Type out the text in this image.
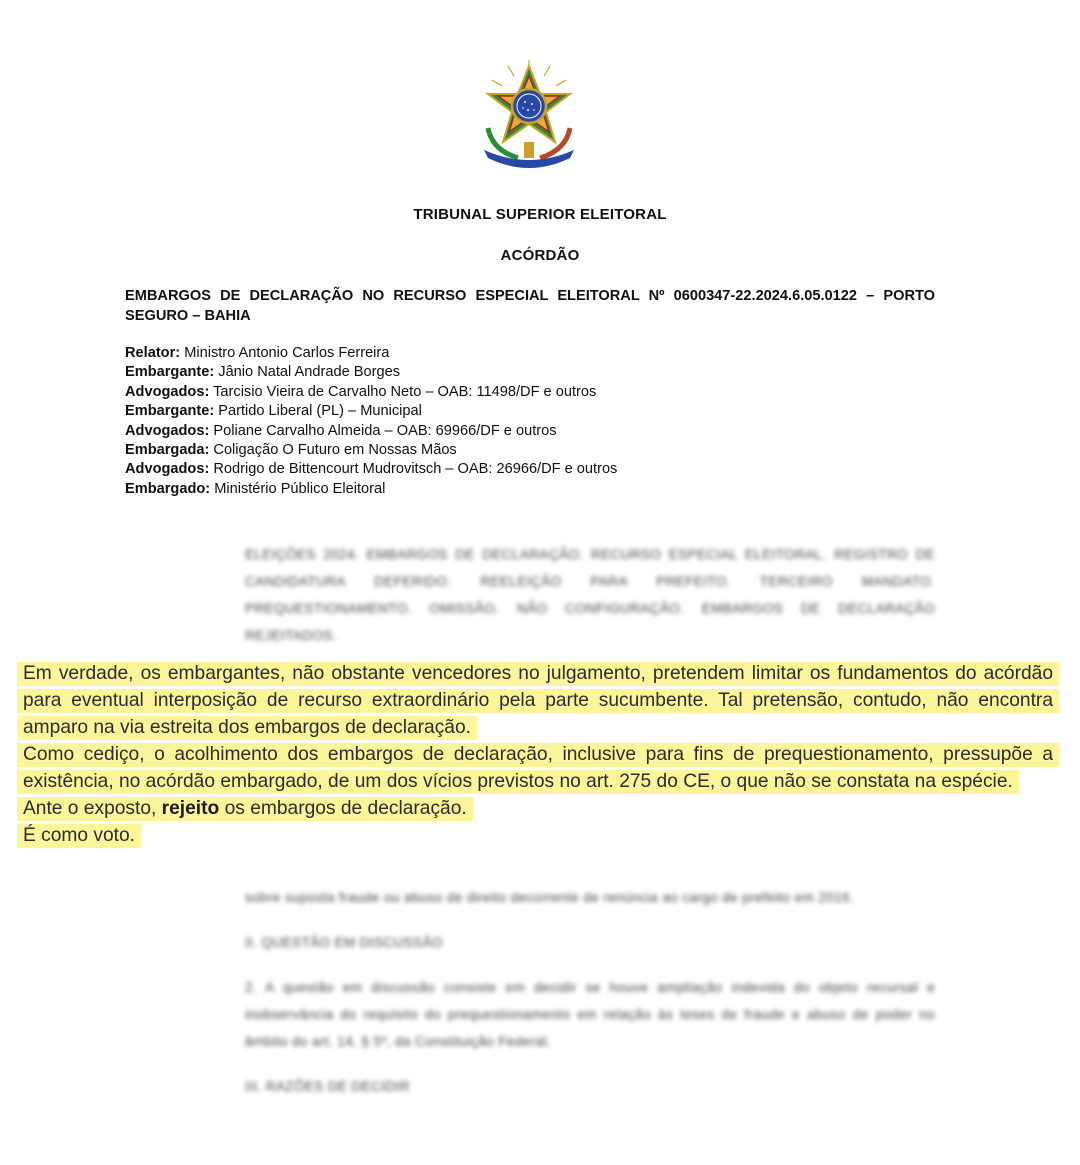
TRIBUNAL SUPERIOR ELEITORAL
ACÓRDÃO
EMBARGOS DE DECLARAÇÃO NO RECURSO ESPECIAL ELEITORAL Nº 0600347-22.2024.6.05.0122 – PORTO SEGURO – BAHIA
Relator: Ministro Antonio Carlos Ferreira
Embargante: Jânio Natal Andrade Borges
Advogados: Tarcisio Vieira de Carvalho Neto – OAB: 11498/DF e outros
Embargante: Partido Liberal (PL) – Municipal
Advogados: Poliane Carvalho Almeida – OAB: 69966/DF e outros
Embargada: Coligação O Futuro em Nossas Mãos
Advogados: Rodrigo de Bittencourt Mudrovitsch – OAB: 26966/DF e outros
Embargado: Ministério Público Eleitoral

ELEIÇÕES 2024. EMBARGOS DE DECLARAÇÃO. RECURSO ESPECIAL ELEITORAL. REGISTRO DE CANDIDATURA DEFERIDO. REELEIÇÃO PARA PREFEITO. TERCEIRO MANDATO. PREQUESTIONAMENTO. OMISSÃO. NÃO CONFIGURAÇÃO. EMBARGOS DE DECLARAÇÃO REJEITADOS.

Em verdade, os embargantes, não obstante vencedores no julgamento, pretendem limitar os fundamentos do acórdão para eventual interposição de recurso extraordinário pela parte sucumbente. Tal pretensão, contudo, não encontra amparo na via estreita dos embargos de declaração.

Como cediço, o acolhimento dos embargos de declaração, inclusive para fins de prequestionamento, pressupõe a existência, no acórdão embargado, de um dos vícios previstos no art. 275 do CE, o que não se constata na espécie.

Ante o exposto, rejeito os embargos de declaração.

É como voto.

sobre suposta fraude ou abuso de direito decorrente de renúncia ao cargo de prefeito em 2016.

II. QUESTÃO EM DISCUSSÃO

2. A questão em discussão consiste em decidir se houve ampliação indevida do objeto recursal e inobservância do requisito do prequestionamento em relação às teses de fraude e abuso de poder no âmbito do art. 14, § 5º, da Constituição Federal.

III. RAZÕES DE DECIDIR
